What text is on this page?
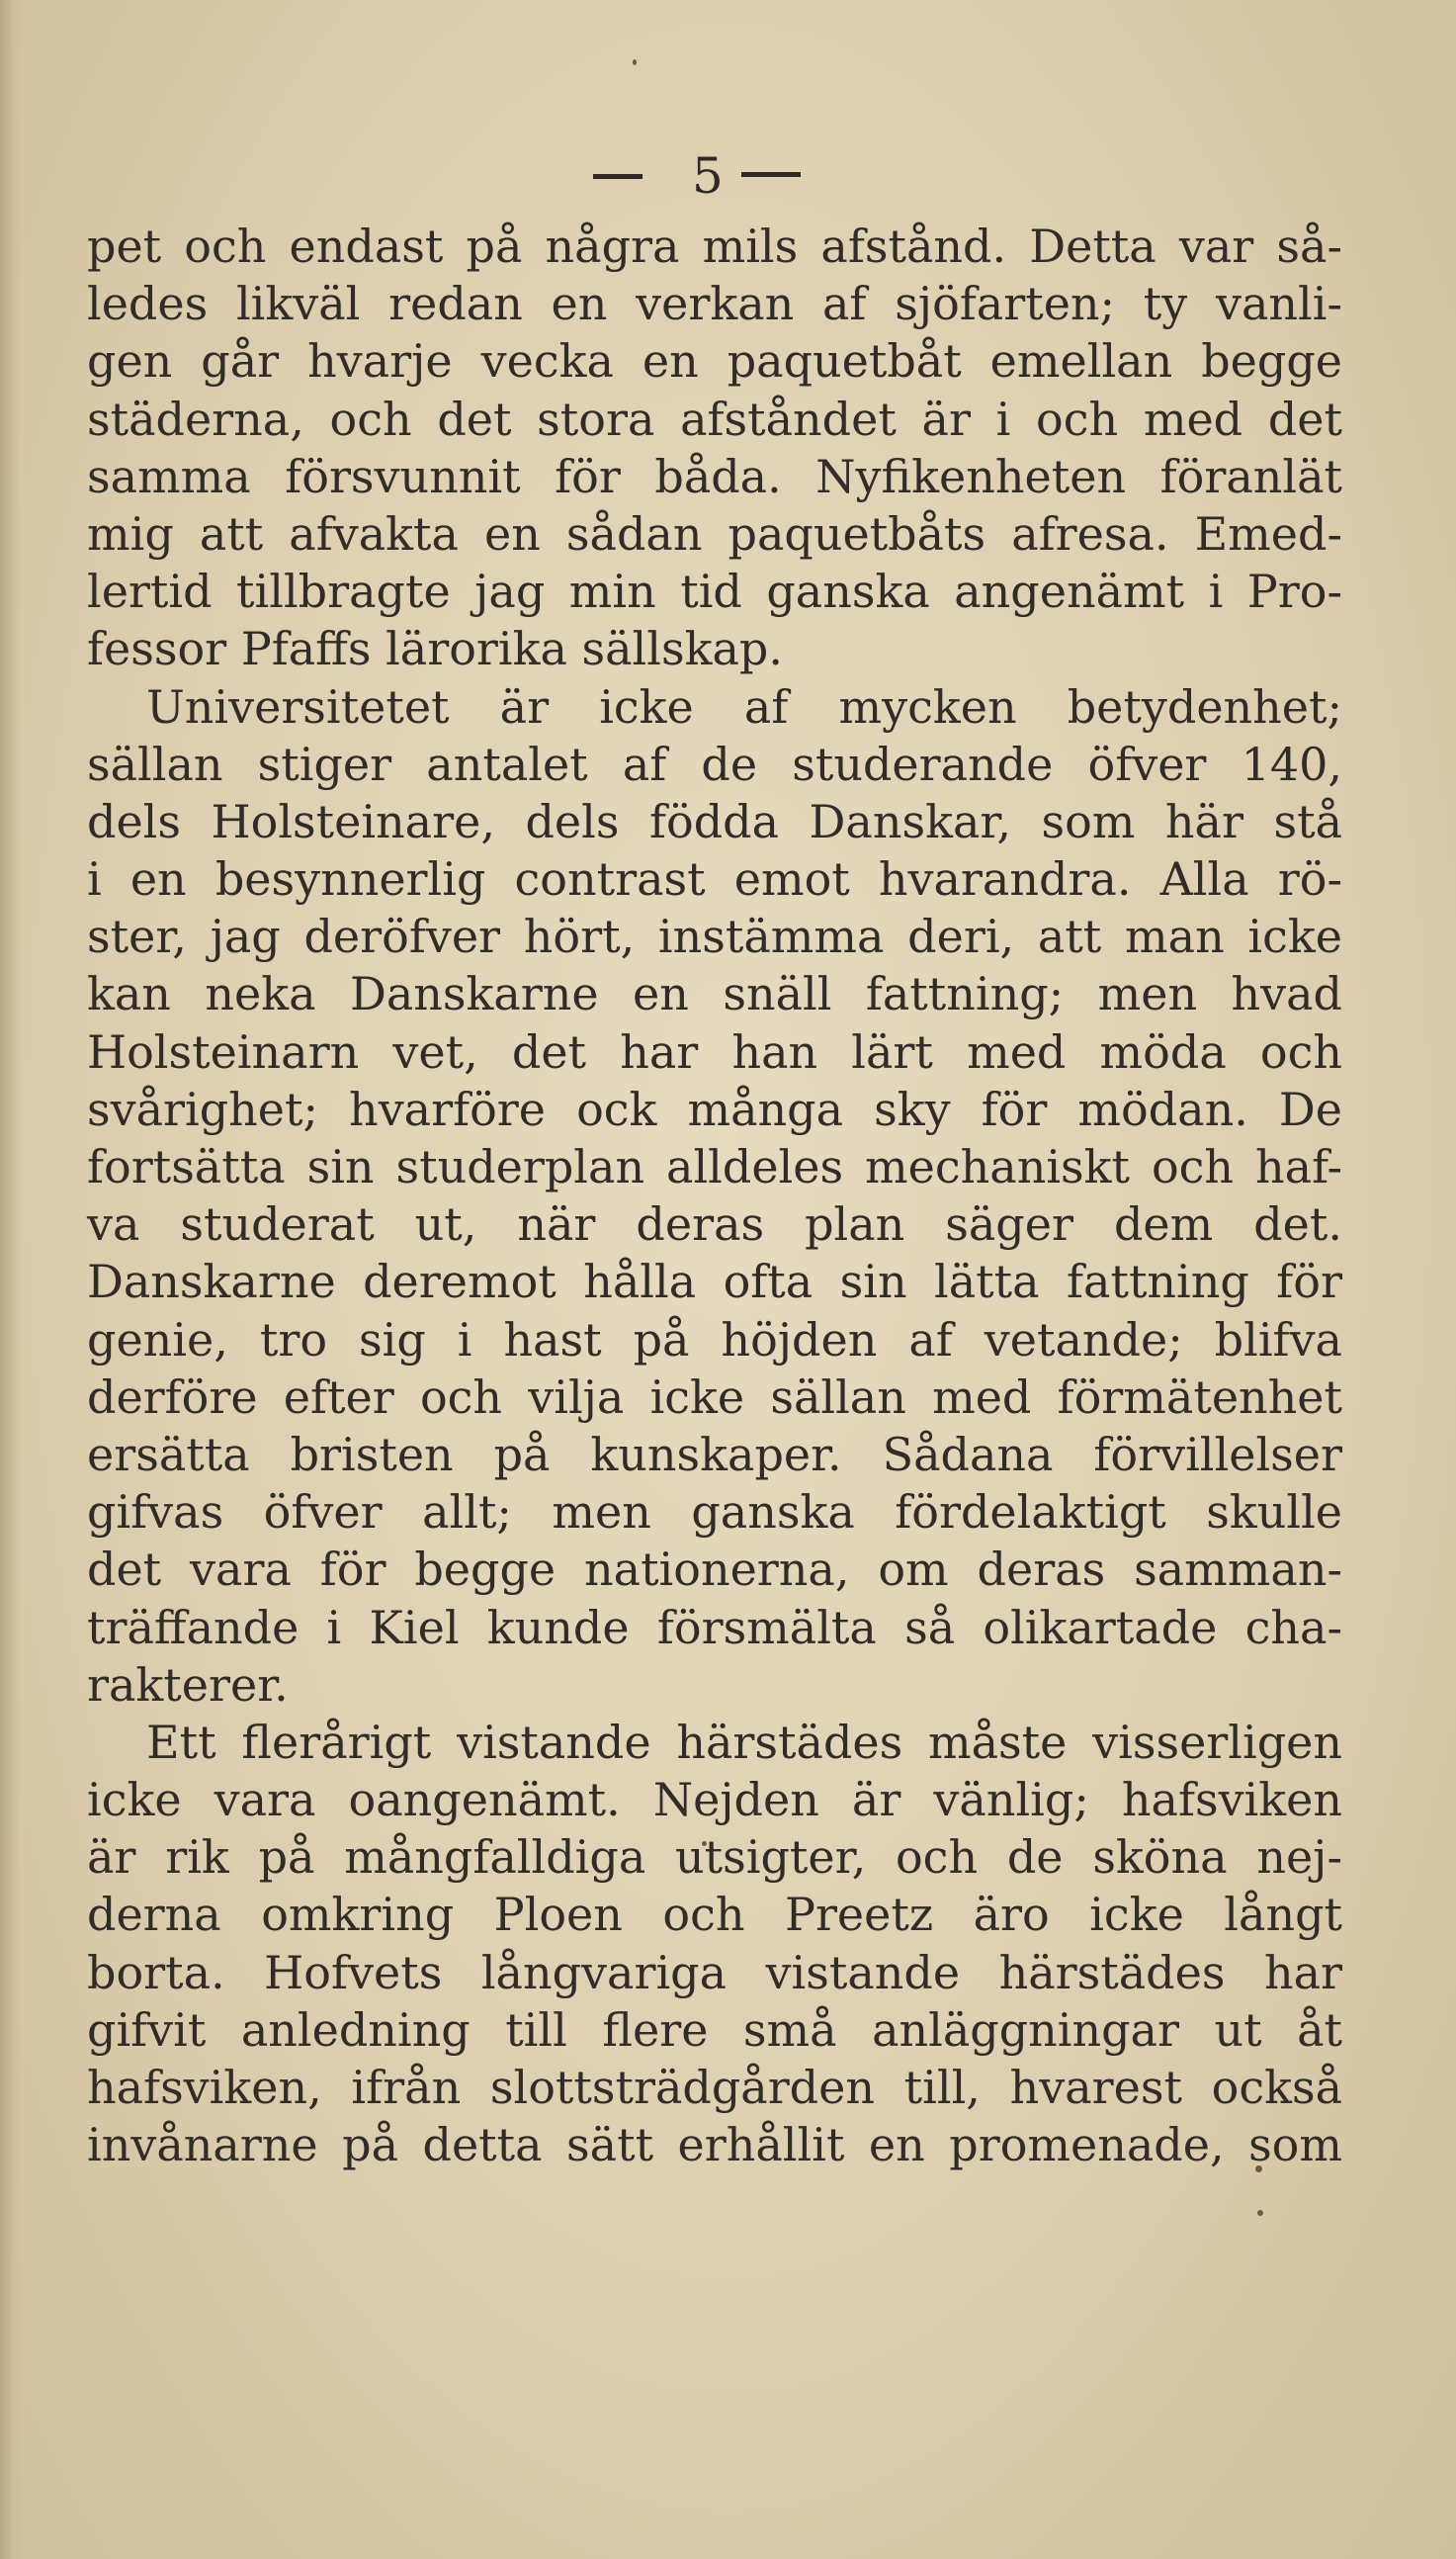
5
pet och endast på några mils afstånd. Detta var så-
ledes likväl redan en verkan af sjöfarten; ty vanli-
gen går hvarje vecka en paquetbåt emellan begge
städerna, och det stora afståndet är i och med det
samma försvunnit för båda. Nyfikenheten föranlät
mig att afvakta en sådan paquetbåts afresa. Emed-
lertid tillbragte jag min tid ganska angenämt i Pro-
fessor Pfaffs lärorika sällskap.
Universitetet är icke af mycken betydenhet;
sällan stiger antalet af de studerande öfver 140,
dels Holsteinare, dels födda Danskar, som här stå
i en besynnerlig contrast emot hvarandra. Alla rö-
ster, jag deröfver hört, instämma deri, att man icke
kan neka Danskarne en snäll fattning; men hvad
Holsteinarn vet, det har han lärt med möda och
svårighet; hvarföre ock många sky för mödan. De
fortsätta sin studerplan alldeles mechaniskt och haf-
va studerat ut, när deras plan säger dem det.
Danskarne deremot hålla ofta sin lätta fattning för
genie, tro sig i hast på höjden af vetande; blifva
derföre efter och vilja icke sällan med förmätenhet
ersätta bristen på kunskaper. Sådana förvillelser
gifvas öfver allt; men ganska fördelaktigt skulle
det vara för begge nationerna, om deras samman-
träffande i Kiel kunde försmälta så olikartade cha-
rakterer.
Ett flerårigt vistande härstädes måste visserligen
icke vara oangenämt. Nejden är vänlig; hafsviken
är rik på mångfalldiga utsigter, och de sköna nej-
derna omkring Ploen och Preetz äro icke långt
borta. Hofvets långvariga vistande härstädes har
gifvit anledning till flere små anläggningar ut åt
hafsviken, ifrån slottsträdgården till, hvarest också
invånarne på detta sätt erhållit en promenade, som
